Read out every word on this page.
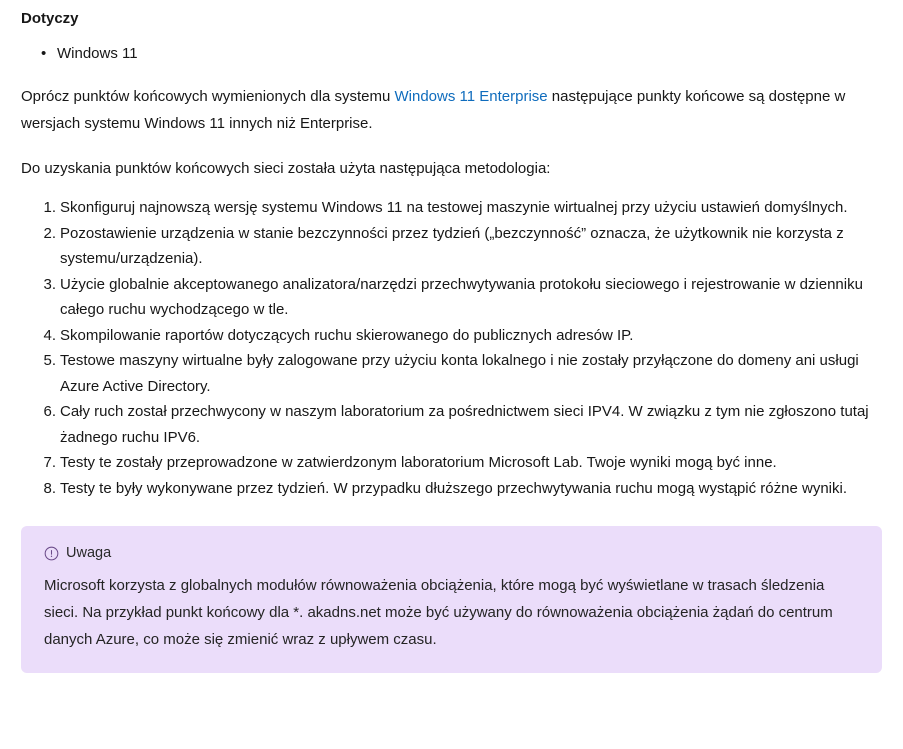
Dotyczy
• Windows 11

Oprócz punktów końcowych wymienionych dla systemu Windows 11 Enterprise następujące punkty końcowe są dostępne w wersjach systemu Windows 11 innych niż Enterprise.

Do uzyskania punktów końcowych sieci została użyta następująca metodologia:

Skonfiguruj najnowszą wersję systemu Windows 11 na testowej maszynie wirtualnej przy użyciu ustawień domyślnych.
Pozostawienie urządzenia w stanie bezczynności przez tydzień („bezczynność” oznacza, że użytkownik nie korzysta z systemu/urządzenia).
Użycie globalnie akceptowanego analizatora/narzędzi przechwytywania protokołu sieciowego i rejestrowanie w dzienniku całego ruchu wychodzącego w tle.
Skompilowanie raportów dotyczących ruchu skierowanego do publicznych adresów IP.
Testowe maszyny wirtualne były zalogowane przy użyciu konta lokalnego i nie zostały przyłączone do domeny ani usługi Azure Active Directory.
Cały ruch został przechwycony w naszym laboratorium za pośrednictwem sieci IPV4. W związku z tym nie zgłoszono tutaj żadnego ruchu IPV6.
Testy te zostały przeprowadzone w zatwierdzonym laboratorium Microsoft Lab. Twoje wyniki mogą być inne.
Testy te były wykonywane przez tydzień. W przypadku dłuższego przechwytywania ruchu mogą wystąpić różne wyniki.
Uwaga

Microsoft korzysta z globalnych modułów równoważenia obciążenia, które mogą być wyświetlane w trasach śledzenia sieci. Na przykład punkt końcowy dla *. akadns.net może być używany do równoważenia obciążenia żądań do centrum danych Azure, co może się zmienić wraz z upływem czasu.
